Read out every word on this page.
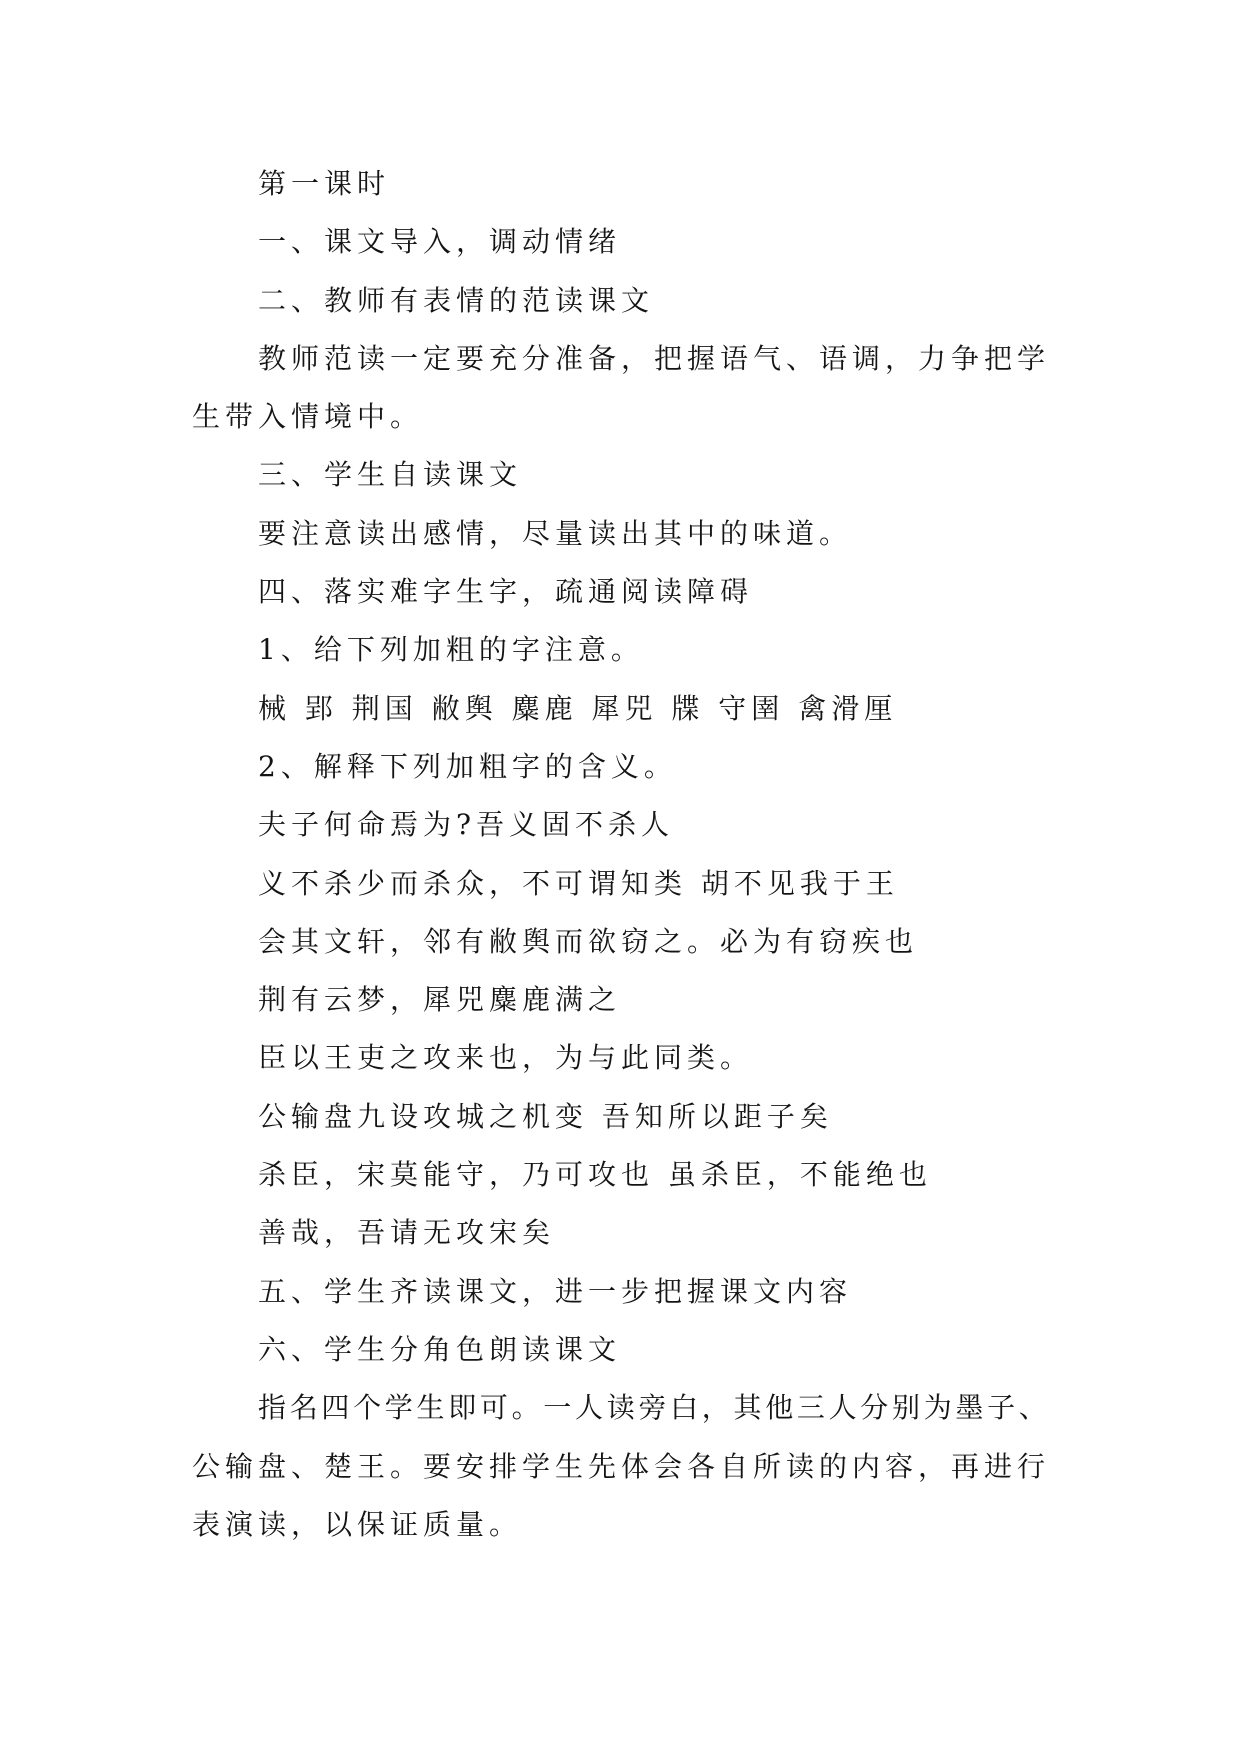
第一课时

一、课文导入，调动情绪

二、教师有表情的范读课文

教师范读一定要充分准备，把握语气、语调，力争把学
生带入情境中。

三、学生自读课文

要注意读出感情，尽量读出其中的味道。

四、落实难字生字，疏通阅读障碍

1、给下列加粗的字注意。

械 郢 荆国 敝舆 麋鹿 犀兕 牒 守圉 禽滑厘

2、解释下列加粗字的含义。

夫子何命焉为?吾义固不杀人

义不杀少而杀众，不可谓知类 胡不见我于王

会其文轩，邻有敝舆而欲窃之。必为有窃疾也

荆有云梦，犀兕麋鹿满之

臣以王吏之攻来也，为与此同类。

公输盘九设攻城之机变 吾知所以距子矣

杀臣，宋莫能守，乃可攻也 虽杀臣，不能绝也

善哉，吾请无攻宋矣

五、学生齐读课文，进一步把握课文内容

六、学生分角色朗读课文

指名四个学生即可。一人读旁白，其他三人分别为墨子、
公输盘、楚王。要安排学生先体会各自所读的内容，再进行
表演读，以保证质量。
